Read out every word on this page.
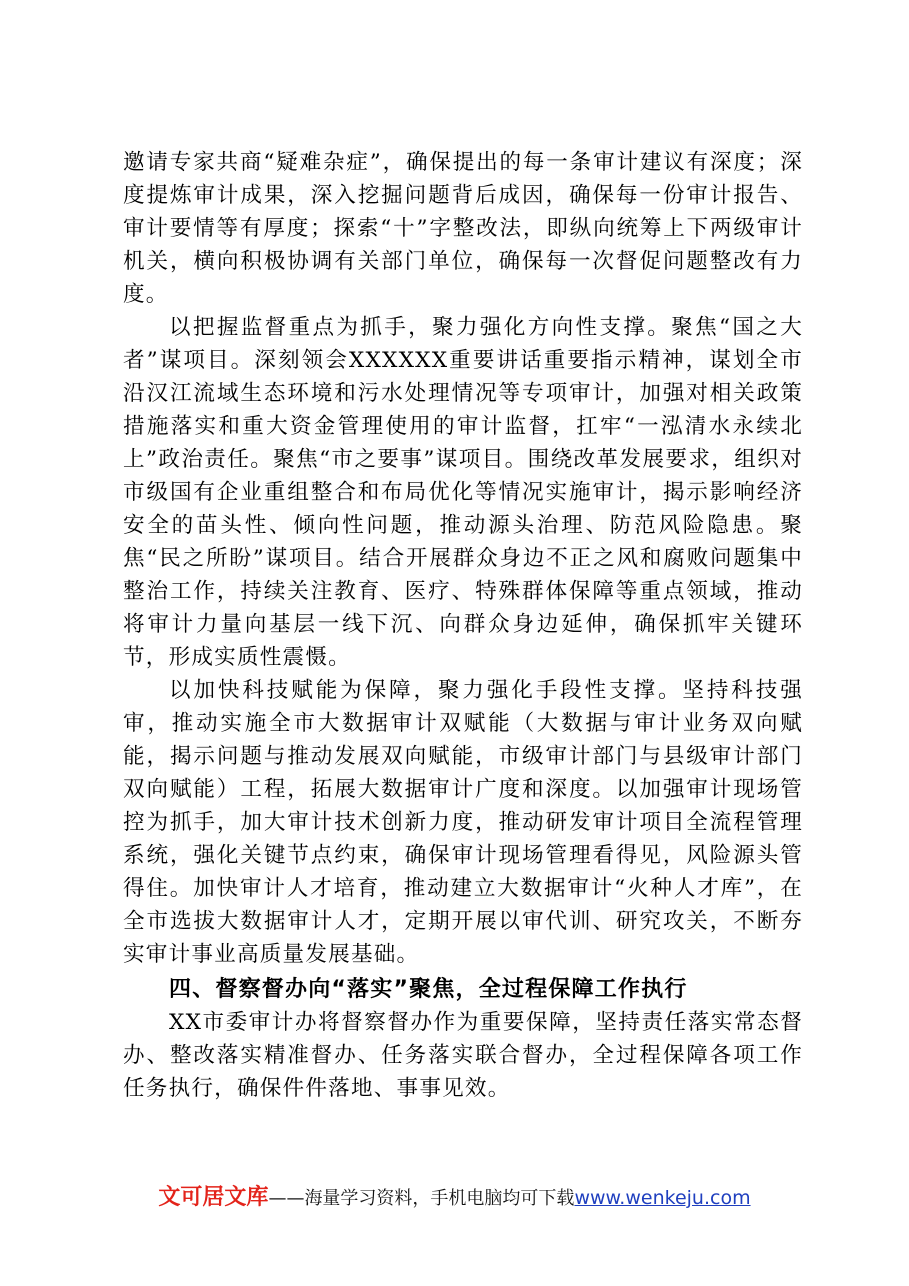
邀请专家共商“疑难杂症”，确保提出的每一条审计建议有深度；深度提炼审计成果，深入挖掘问题背后成因，确保每一份审计报告、审计要情等有厚度；探索“十”字整改法，即纵向统筹上下两级审计机关，横向积极协调有关部门单位，确保每一次督促问题整改有力度。

以把握监督重点为抓手，聚力强化方向性支撑。聚焦“国之大者”谋项目。深刻领会XXXXXX重要讲话重要指示精神，谋划全市沿汉江流域生态环境和污水处理情况等专项审计，加强对相关政策措施落实和重大资金管理使用的审计监督，扛牢“一泓清水永续北上”政治责任。聚焦“市之要事”谋项目。围绕改革发展要求，组织对市级国有企业重组整合和布局优化等情况实施审计，揭示影响经济安全的苗头性、倾向性问题，推动源头治理、防范风险隐患。聚焦“民之所盼”谋项目。结合开展群众身边不正之风和腐败问题集中整治工作，持续关注教育、医疗、特殊群体保障等重点领域，推动将审计力量向基层一线下沉、向群众身边延伸，确保抓牢关键环节，形成实质性震慑。

以加快科技赋能为保障，聚力强化手段性支撑。坚持科技强审，推动实施全市大数据审计双赋能（大数据与审计业务双向赋能，揭示问题与推动发展双向赋能，市级审计部门与县级审计部门双向赋能）工程，拓展大数据审计广度和深度。以加强审计现场管控为抓手，加大审计技术创新力度，推动研发审计项目全流程管理系统，强化关键节点约束，确保审计现场管理看得见，风险源头管得住。加快审计人才培育，推动建立大数据审计“火种人才库”，在全市选拔大数据审计人才，定期开展以审代训、研究攻关，不断夯实审计事业高质量发展基础。

四、督察督办向“落实”聚焦，全过程保障工作执行

XX市委审计办将督察督办作为重要保障，坚持责任落实常态督办、整改落实精准督办、任务落实联合督办，全过程保障各项工作任务执行，确保件件落地、事事见效。

文可居文库——海量学习资料，手机电脑均可下载www.wenkeju.com
